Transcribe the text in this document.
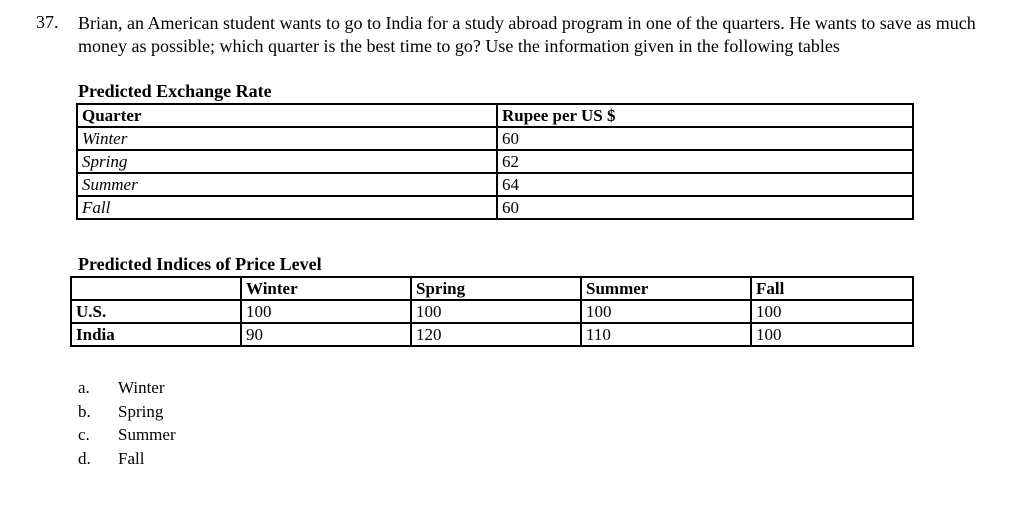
37. Brian, an American student wants to go to India for a study abroad program in one of the quarters. He wants to save as much money as possible; which quarter is the best time to go? Use the information given in the following tables
Predicted Exchange Rate
Quarter	Rupee per US $
Winter	60
Spring	62
Summer	64
Fall	60
Predicted Indices of Price Level
	Winter	Spring	Summer	Fall
U.S.	100	100	100	100
India	90	120	110	100
a.	Winter
b.	Spring
c.	Summer
d.	Fall
